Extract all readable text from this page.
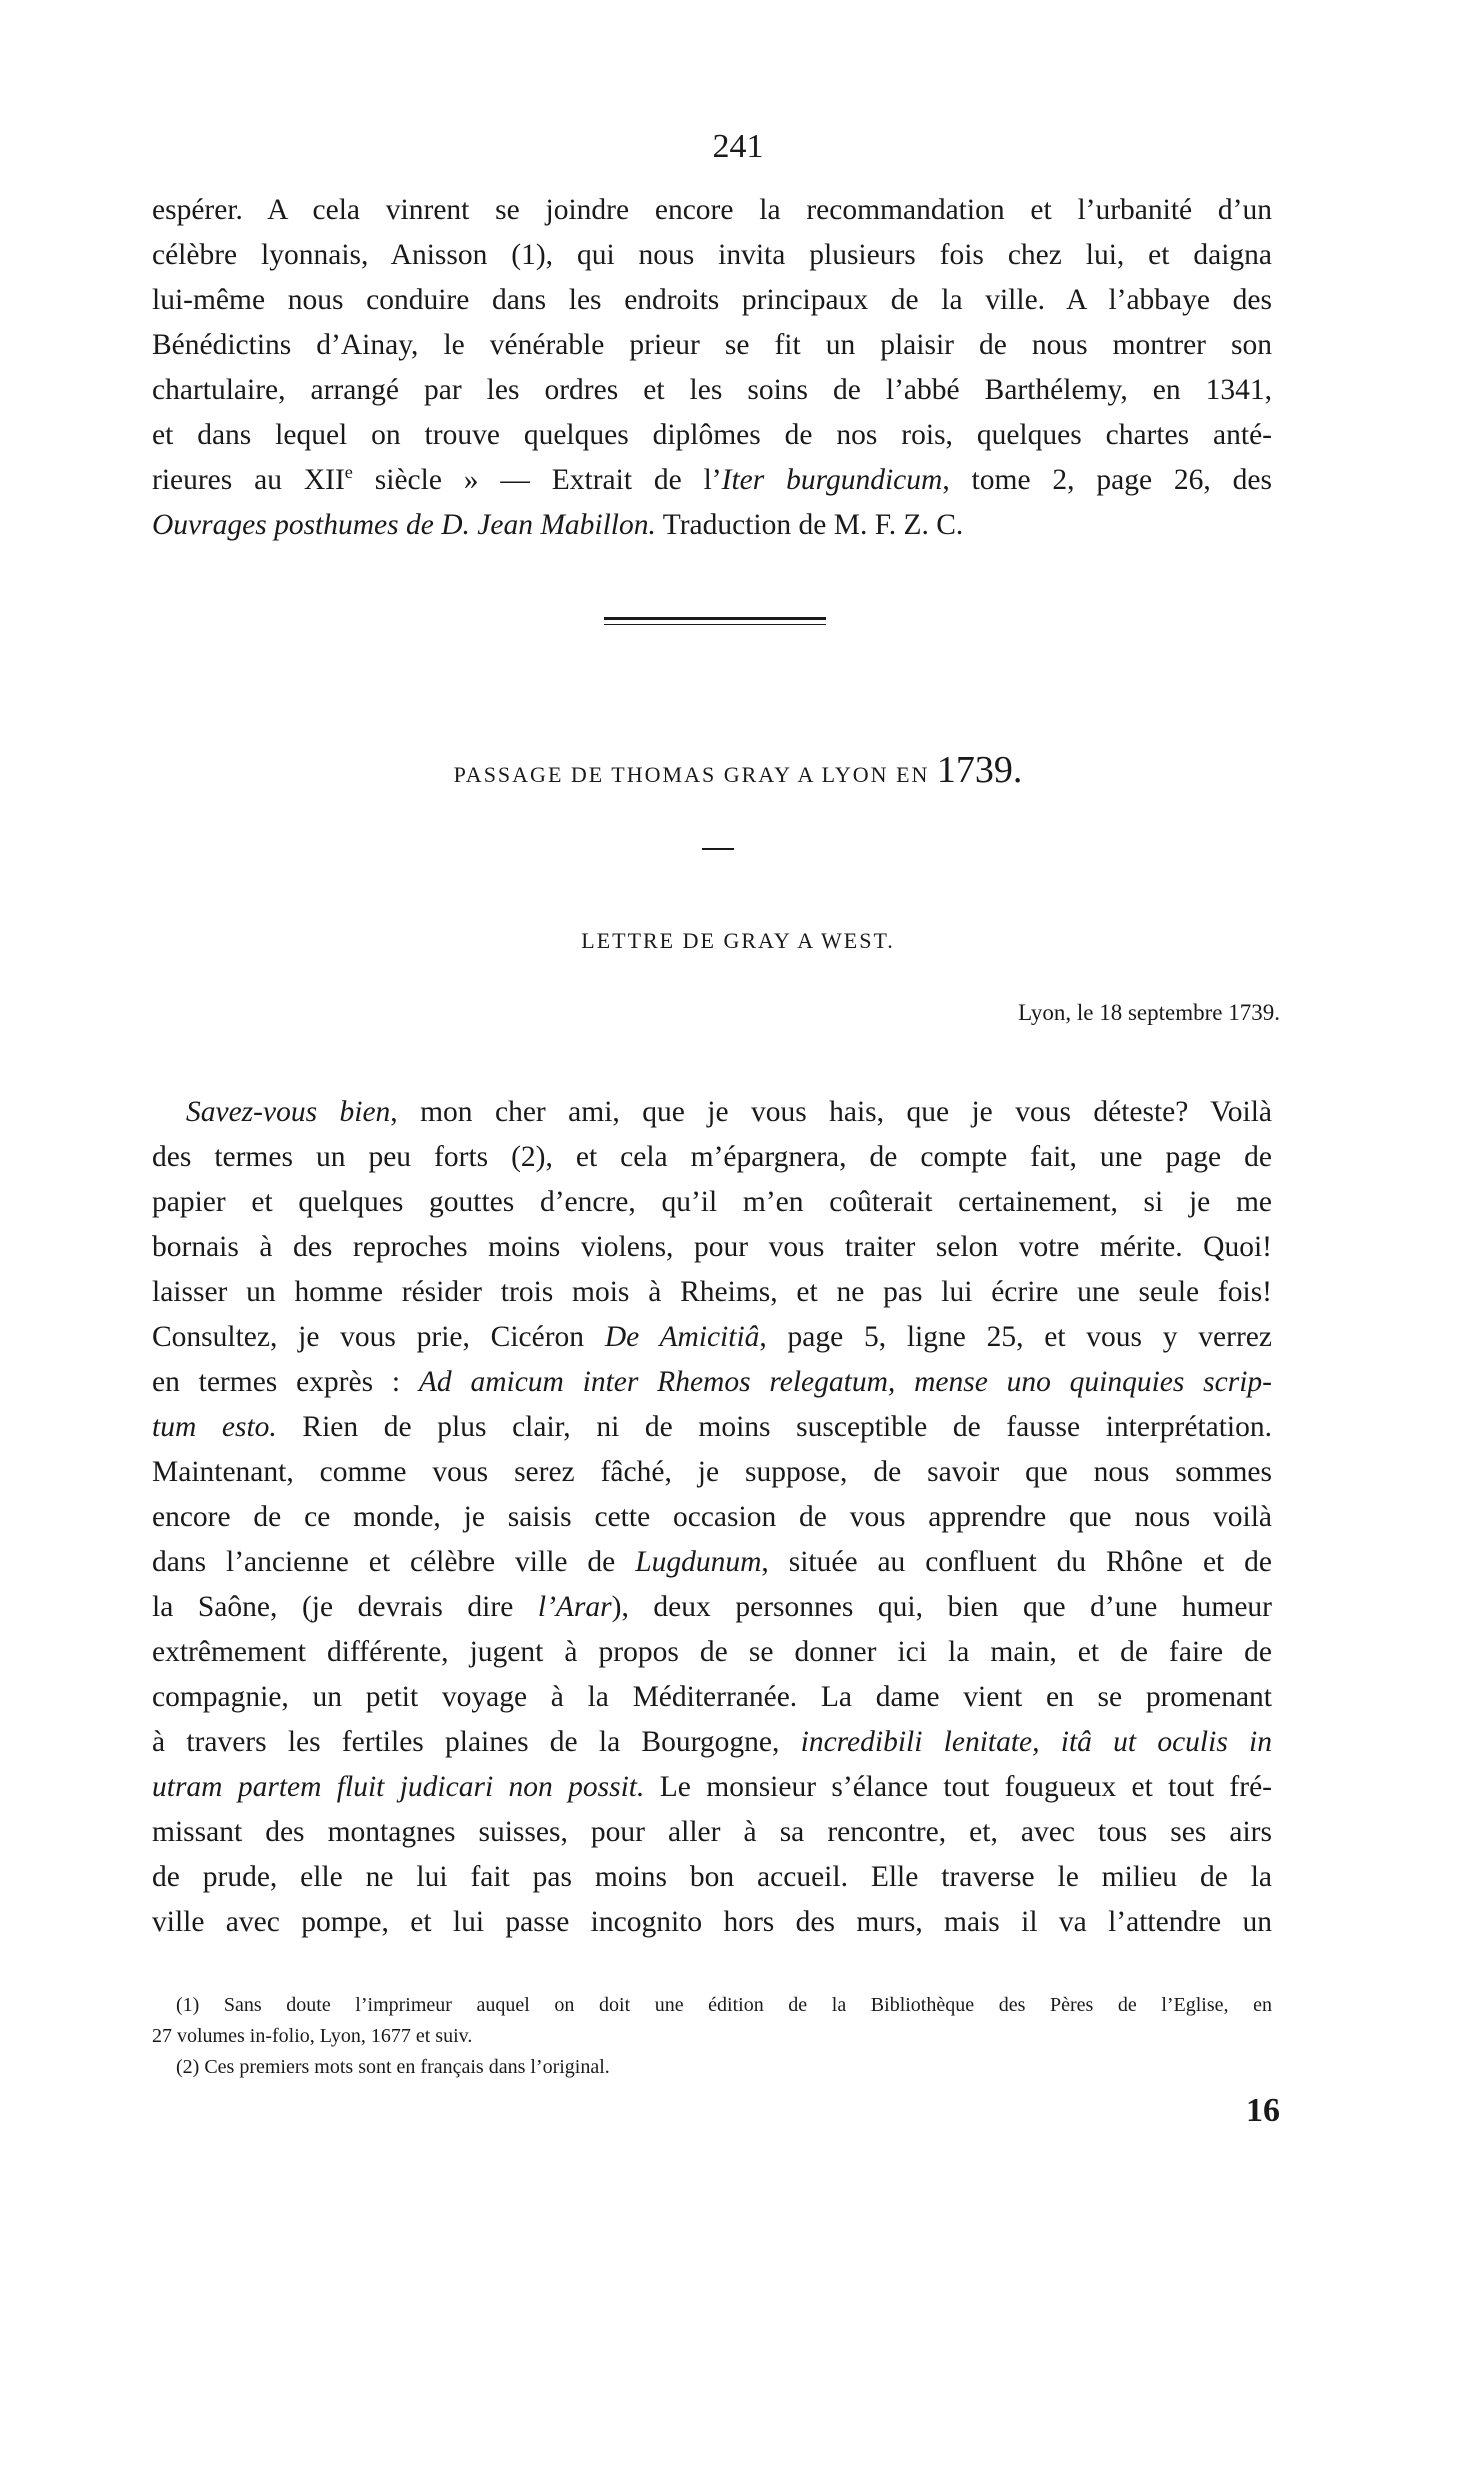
241
espérer. A cela vinrent se joindre encore la recommandation et l’urbanité d’un
célèbre lyonnais, Anisson (1), qui nous invita plusieurs fois chez lui, et daigna
lui-même nous conduire dans les endroits principaux de la ville. A l’abbaye des
Bénédictins d’Ainay, le vénérable prieur se fit un plaisir de nous montrer son
chartulaire, arrangé par les ordres et les soins de l’abbé Barthélemy, en 1341,
et dans lequel on trouve quelques diplômes de nos rois, quelques chartes anté-
rieures au XIIe siècle » — Extrait de l’Iter burgundicum, tome 2, page 26, des
Ouvrages posthumes de D. Jean Mabillon. Traduction de M. F. Z. C.
PASSAGE DE THOMAS GRAY A LYON EN 1739.
LETTRE DE GRAY A WEST.
Lyon, le 18 septembre 1739.
Savez-vous bien, mon cher ami, que je vous hais, que je vous déteste? Voilà
des termes un peu forts (2), et cela m’épargnera, de compte fait, une page de
papier et quelques gouttes d’encre, qu’il m’en coûterait certainement, si je me
bornais à des reproches moins violens, pour vous traiter selon votre mérite. Quoi!
laisser un homme résider trois mois à Rheims, et ne pas lui écrire une seule fois!
Consultez, je vous prie, Cicéron De Amicitiâ, page 5, ligne 25, et vous y verrez
en termes exprès : Ad amicum inter Rhemos relegatum, mense uno quinquies scrip-
tum esto. Rien de plus clair, ni de moins susceptible de fausse interprétation.
Maintenant, comme vous serez fâché, je suppose, de savoir que nous sommes
encore de ce monde, je saisis cette occasion de vous apprendre que nous voilà
dans l’ancienne et célèbre ville de Lugdunum, située au confluent du Rhône et de
la Saône, (je devrais dire l’Arar), deux personnes qui, bien que d’une humeur
extrêmement différente, jugent à propos de se donner ici la main, et de faire de
compagnie, un petit voyage à la Méditerranée. La dame vient en se promenant
à travers les fertiles plaines de la Bourgogne, incredibili lenitate, itâ ut oculis in
utram partem fluit judicari non possit. Le monsieur s’élance tout fougueux et tout fré-
missant des montagnes suisses, pour aller à sa rencontre, et, avec tous ses airs
de prude, elle ne lui fait pas moins bon accueil. Elle traverse le milieu de la
ville avec pompe, et lui passe incognito hors des murs, mais il va l’attendre un
(1) Sans doute l’imprimeur auquel on doit une édition de la Bibliothèque des Pères de l’Eglise, en
27 volumes in-folio, Lyon, 1677 et suiv.
(2) Ces premiers mots sont en français dans l’original.
16
